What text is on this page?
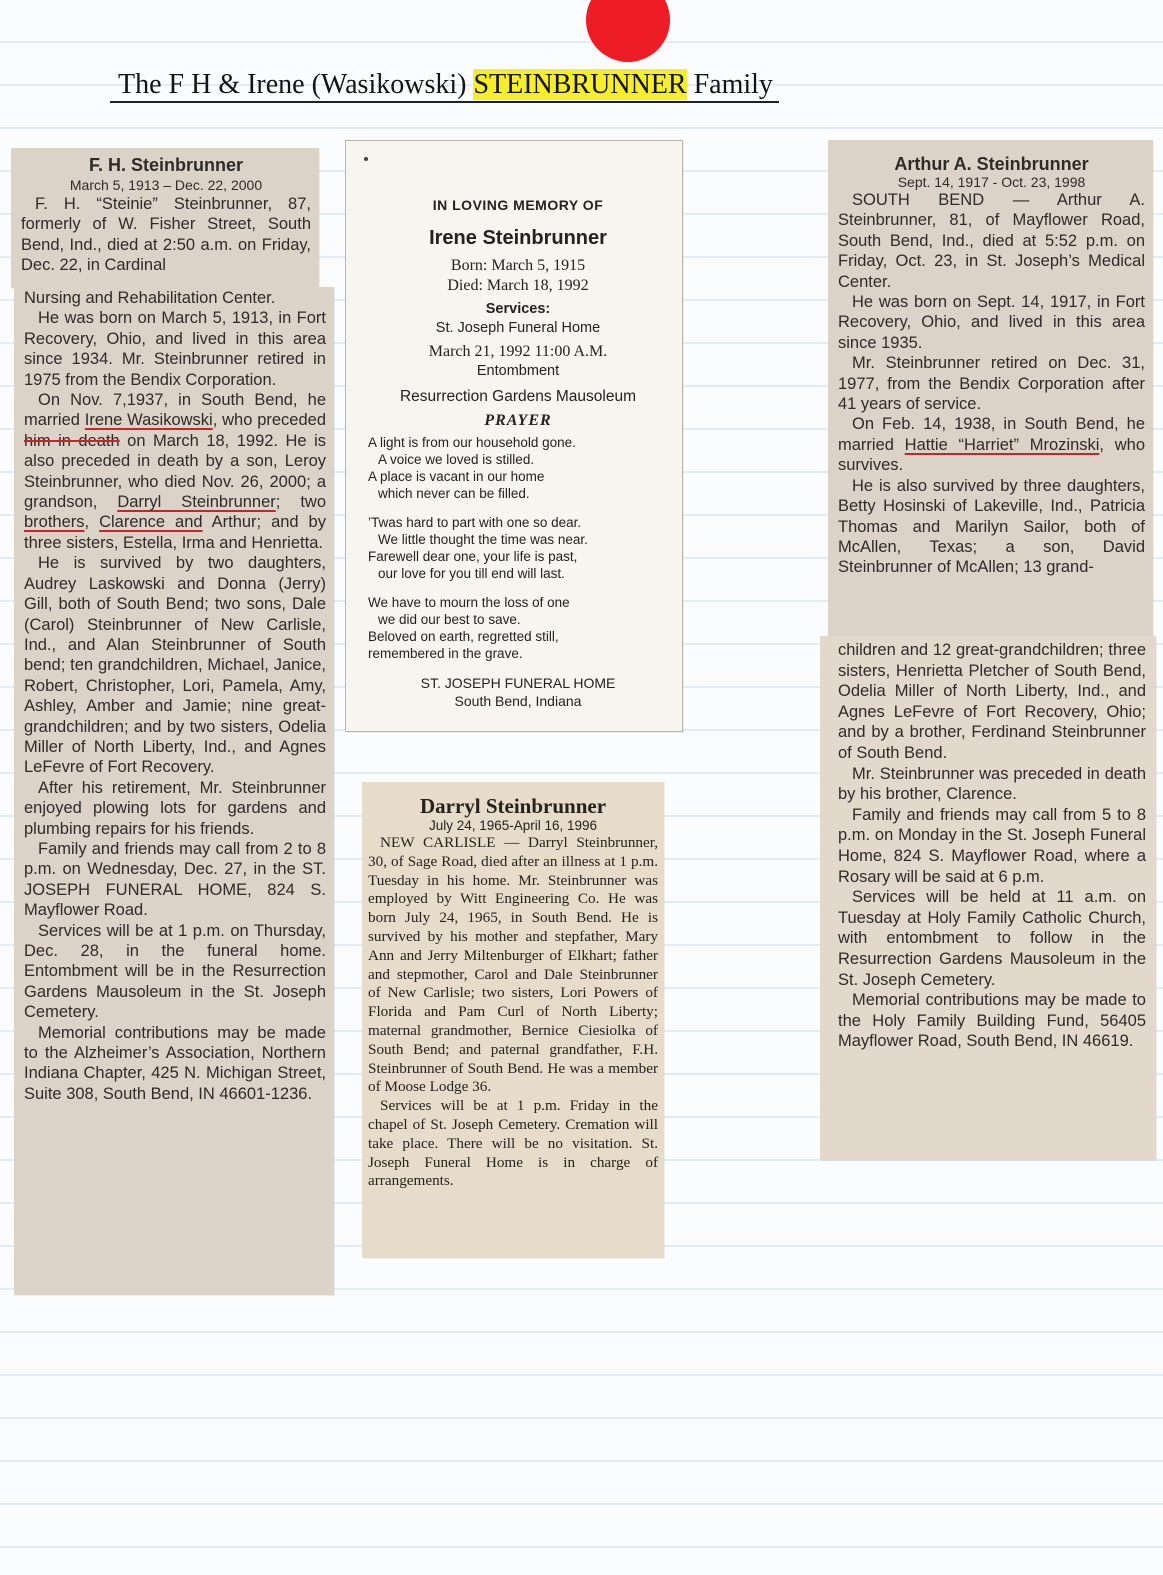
The F H & Irene (Wasikowski) STEINBRUNNER Family
F. H. Steinbrunner
March 5, 1913 – Dec. 22, 2000

F. H. “Steinie” Steinbrunner, 87, formerly of W. Fisher Street, South Bend, Ind., died at 2:50 a.m. on Friday, Dec. 22, in Cardinal

Nursing and Rehabilitation Center.

He was born on March 5, 1913, in Fort Recovery, Ohio, and lived in this area since 1934. Mr. Steinbrunner retired in 1975 from the Bendix Corporation.

On Nov. 7,1937, in South Bend, he married Irene Wasikowski, who preceded him in death on March 18, 1992. He is also preceded in death by a son, Leroy Steinbrunner, who died Nov. 26, 2000; a grandson, Darryl Steinbrunner; two brothers, Clarence and Arthur; and by three sisters, Estella, Irma and Henrietta.

He is survived by two daughters, Audrey Laskowski and Donna (Jerry) Gill, both of South Bend; two sons, Dale (Carol) Steinbrunner of New Carlisle, Ind., and Alan Steinbrunner of South bend; ten grandchildren, Michael, Janice, Robert, Christopher, Lori, Pamela, Amy, Ashley, Amber and Jamie; nine great-grandchildren; and by two sisters, Odelia Miller of North Liberty, Ind., and Agnes LeFevre of Fort Recovery.

After his retirement, Mr. Steinbrunner enjoyed plowing lots for gardens and plumbing repairs for his friends.

Family and friends may call from 2 to 8 p.m. on Wednesday, Dec. 27, in the ST. JOSEPH FUNERAL HOME, 824 S. Mayflower Road.

Services will be at 1 p.m. on Thursday, Dec. 28, in the funeral home. Entombment will be in the Resurrection Gardens Mausoleum in the St. Joseph Cemetery.

Memorial contributions may be made to the Alzheimer’s Association, Northern Indiana Chapter, 425 N. Michigan Street, Suite 308, South Bend, IN 46601-1236.

IN LOVING MEMORY OF
Irene Steinbrunner
Born: March 5, 1915
Died: March 18, 1992
Services:
St. Joseph Funeral Home
March 21, 1992 11:00 A.M.
Entombment
Resurrection Gardens Mausoleum
PRAYER
A light is from our household gone.
A voice we loved is stilled.
A place is vacant in our home
which never can be filled.
’Twas hard to part with one so dear.
We little thought the time was near.
Farewell dear one, your life is past,
our love for you till end will last.
We have to mourn the loss of one
we did our best to save.
Beloved on earth, regretted still,
remembered in the grave.
ST. JOSEPH FUNERAL HOME
South Bend, Indiana
Darryl Steinbrunner
July 24, 1965-April 16, 1996

NEW CARLISLE — Darryl Steinbrunner, 30, of Sage Road, died after an illness at 1 p.m. Tuesday in his home. Mr. Steinbrunner was employed by Witt Engineering Co. He was born July 24, 1965, in South Bend. He is survived by his mother and stepfather, Mary Ann and Jerry Miltenburger of Elkhart; father and stepmother, Carol and Dale Steinbrunner of New Carlisle; two sisters, Lori Powers of Florida and Pam Curl of North Liberty; maternal grandmother, Bernice Ciesiolka of South Bend; and paternal grandfather, F.H. Steinbrunner of South Bend. He was a member of Moose Lodge 36.

Services will be at 1 p.m. Friday in the chapel of St. Joseph Cemetery. Cremation will take place. There will be no visitation. St. Joseph Funeral Home is in charge of arrangements.

Arthur A. Steinbrunner
Sept. 14, 1917 - Oct. 23, 1998

SOUTH BEND — Arthur A. Steinbrunner, 81, of Mayflower Road, South Bend, Ind., died at 5:52 p.m. on Friday, Oct. 23, in St. Joseph’s Medical Center.

He was born on Sept. 14, 1917, in Fort Recovery, Ohio, and lived in this area since 1935.

Mr. Steinbrunner retired on Dec. 31, 1977, from the Bendix Corporation after 41 years of service.

On Feb. 14, 1938, in South Bend, he married Hattie “Harriet” Mrozinski, who survives.

He is also survived by three daughters, Betty Hosinski of Lakeville, Ind., Patricia Thomas and Marilyn Sailor, both of McAllen, Texas; a son, David Steinbrunner of McAllen; 13 grand-

children and 12 great-grandchildren; three sisters, Henrietta Pletcher of South Bend, Odelia Miller of North Liberty, Ind., and Agnes LeFevre of Fort Recovery, Ohio; and by a brother, Ferdinand Steinbrunner of South Bend.

Mr. Steinbrunner was preceded in death by his brother, Clarence.

Family and friends may call from 5 to 8 p.m. on Monday in the St. Joseph Funeral Home, 824 S. Mayflower Road, where a Rosary will be said at 6 p.m.

Services will be held at 11 a.m. on Tuesday at Holy Family Catholic Church, with entombment to follow in the Resurrection Gardens Mausoleum in the St. Joseph Cemetery.

Memorial contributions may be made to the Holy Family Building Fund, 56405 Mayflower Road, South Bend, IN 46619.
